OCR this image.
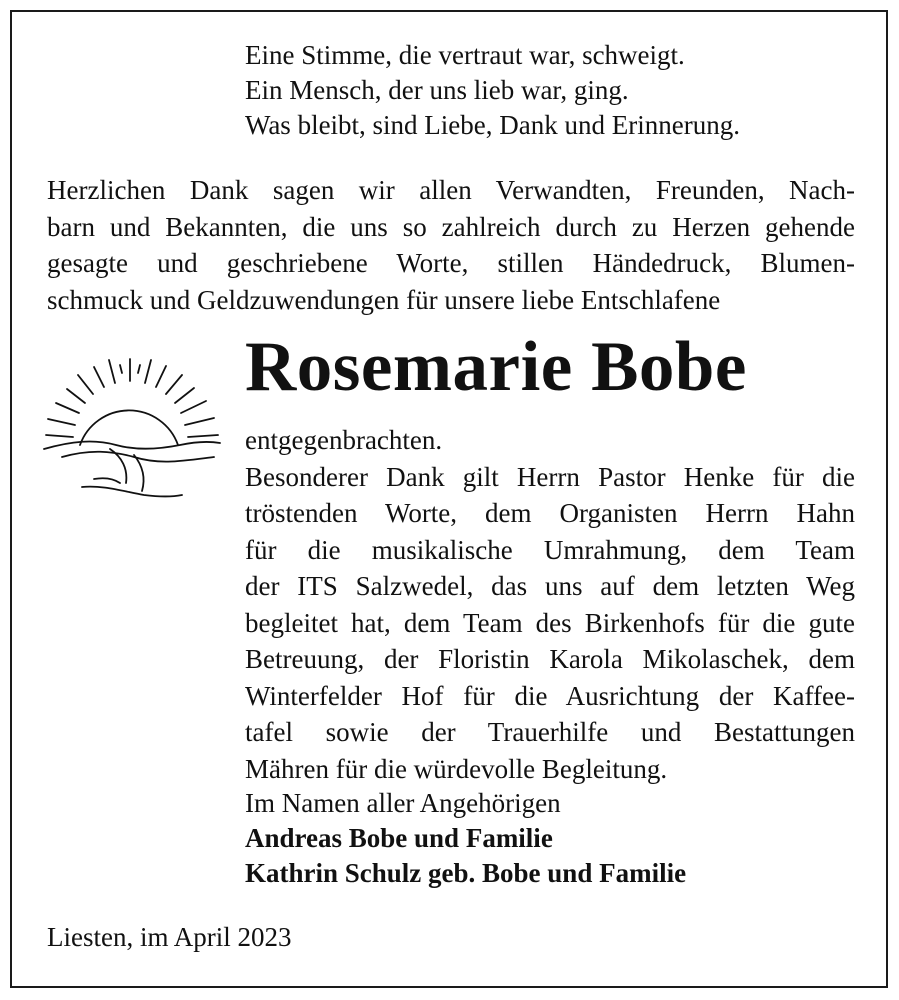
Eine Stimme, die vertraut war, schweigt.
Ein Mensch, der uns lieb war, ging.
Was bleibt, sind Liebe, Dank und Erinnerung.
Herzlichen Dank sagen wir allen Verwandten, Freunden, Nach-
barn und Bekannten, die uns so zahlreich durch zu Herzen gehende
gesagte und geschriebene Worte, stillen Händedruck, Blumen-
schmuck und Geldzuwendungen für unsere liebe Entschlafene
Rosemarie Bobe
entgegenbrachten.
Besonderer Dank gilt Herrn Pastor Henke für die
tröstenden Worte, dem Organisten Herrn Hahn
für die musikalische Umrahmung, dem Team
der ITS Salzwedel, das uns auf dem letzten Weg
begleitet hat, dem Team des Birkenhofs für die gute
Betreuung, der Floristin Karola Mikolaschek, dem
Winterfelder Hof für die Ausrichtung der Kaffee-
tafel sowie der Trauerhilfe und Bestattungen
Mähren für die würdevolle Begleitung.
Im Namen aller Angehörigen
Andreas Bobe und Familie
Kathrin Schulz geb. Bobe und Familie
Liesten, im April 2023
